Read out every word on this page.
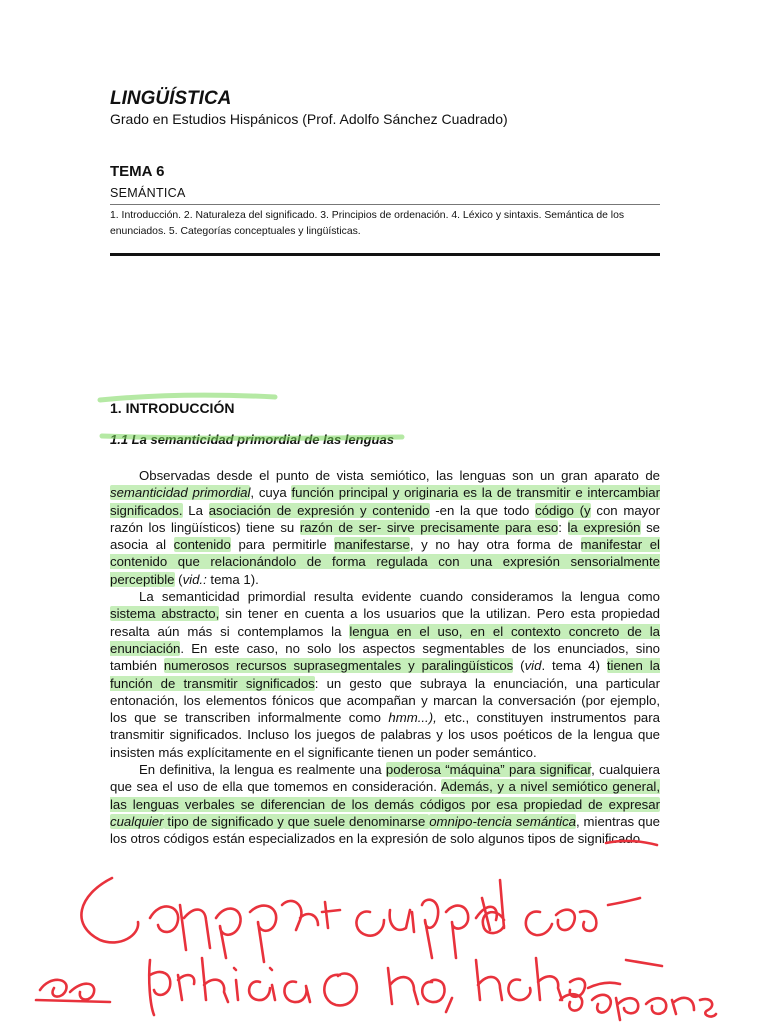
LINGÜÍSTICA
Grado en Estudios Hispánicos (Prof. Adolfo Sánchez Cuadrado)
TEMA 6
SEMÁNTICA
1. Introducción. 2. Naturaleza del significado. 3. Principios de ordenación. 4. Léxico y sintaxis. Semántica de los enunciados. 5. Categorías conceptuales y lingüísticas.
1. INTRODUCCIÓN
1.1 La semanticidad primordial de las lenguas

Observadas desde el punto de vista semiótico, las lenguas son un gran aparato de semanticidad primordial, cuya función principal y originaria es la de transmitir e intercambiar significados. La asociación de expresión y contenido -en la que todo código (y con mayor razón los lingüísticos) tiene su razón de ser- sirve precisamente para eso: la expresión se asocia al contenido para permitirle manifestarse, y no hay otra forma de manifestar el contenido que relacionándolo de forma regulada con una expresión sensorialmente perceptible (vid.: tema 1).

La semanticidad primordial resulta evidente cuando consideramos la lengua como sistema abstracto, sin tener en cuenta a los usuarios que la utilizan. Pero esta propiedad resalta aún más si contemplamos la lengua en el uso, en el contexto concreto de la enunciación. En este caso, no solo los aspectos segmentables de los enunciados, sino también numerosos recursos suprasegmentales y paralingüísticos (vid. tema 4) tienen la función de transmitir significados: un gesto que subraya la enunciación, una particular entonación, los elementos fónicos que acompañan y marcan la conversación (por ejemplo, los que se transcriben informalmente como hmm...), etc., constituyen instrumentos para transmitir significados. Incluso los juegos de palabras y los usos poéticos de la lengua que insisten más explícitamente en el significante tienen un poder semántico.

En definitiva, la lengua es realmente una poderosa “máquina” para significar, cualquiera que sea el uso de ella que tomemos en consideración. Además, y a nivel semiótico general, las lenguas verbales se diferencian de los demás códigos por esa propiedad de expresar cualquier tipo de significado y que suele denominarse omnipo-tencia semántica, mientras que los otros códigos están especializados en la expresión de solo algunos tipos de significado.
